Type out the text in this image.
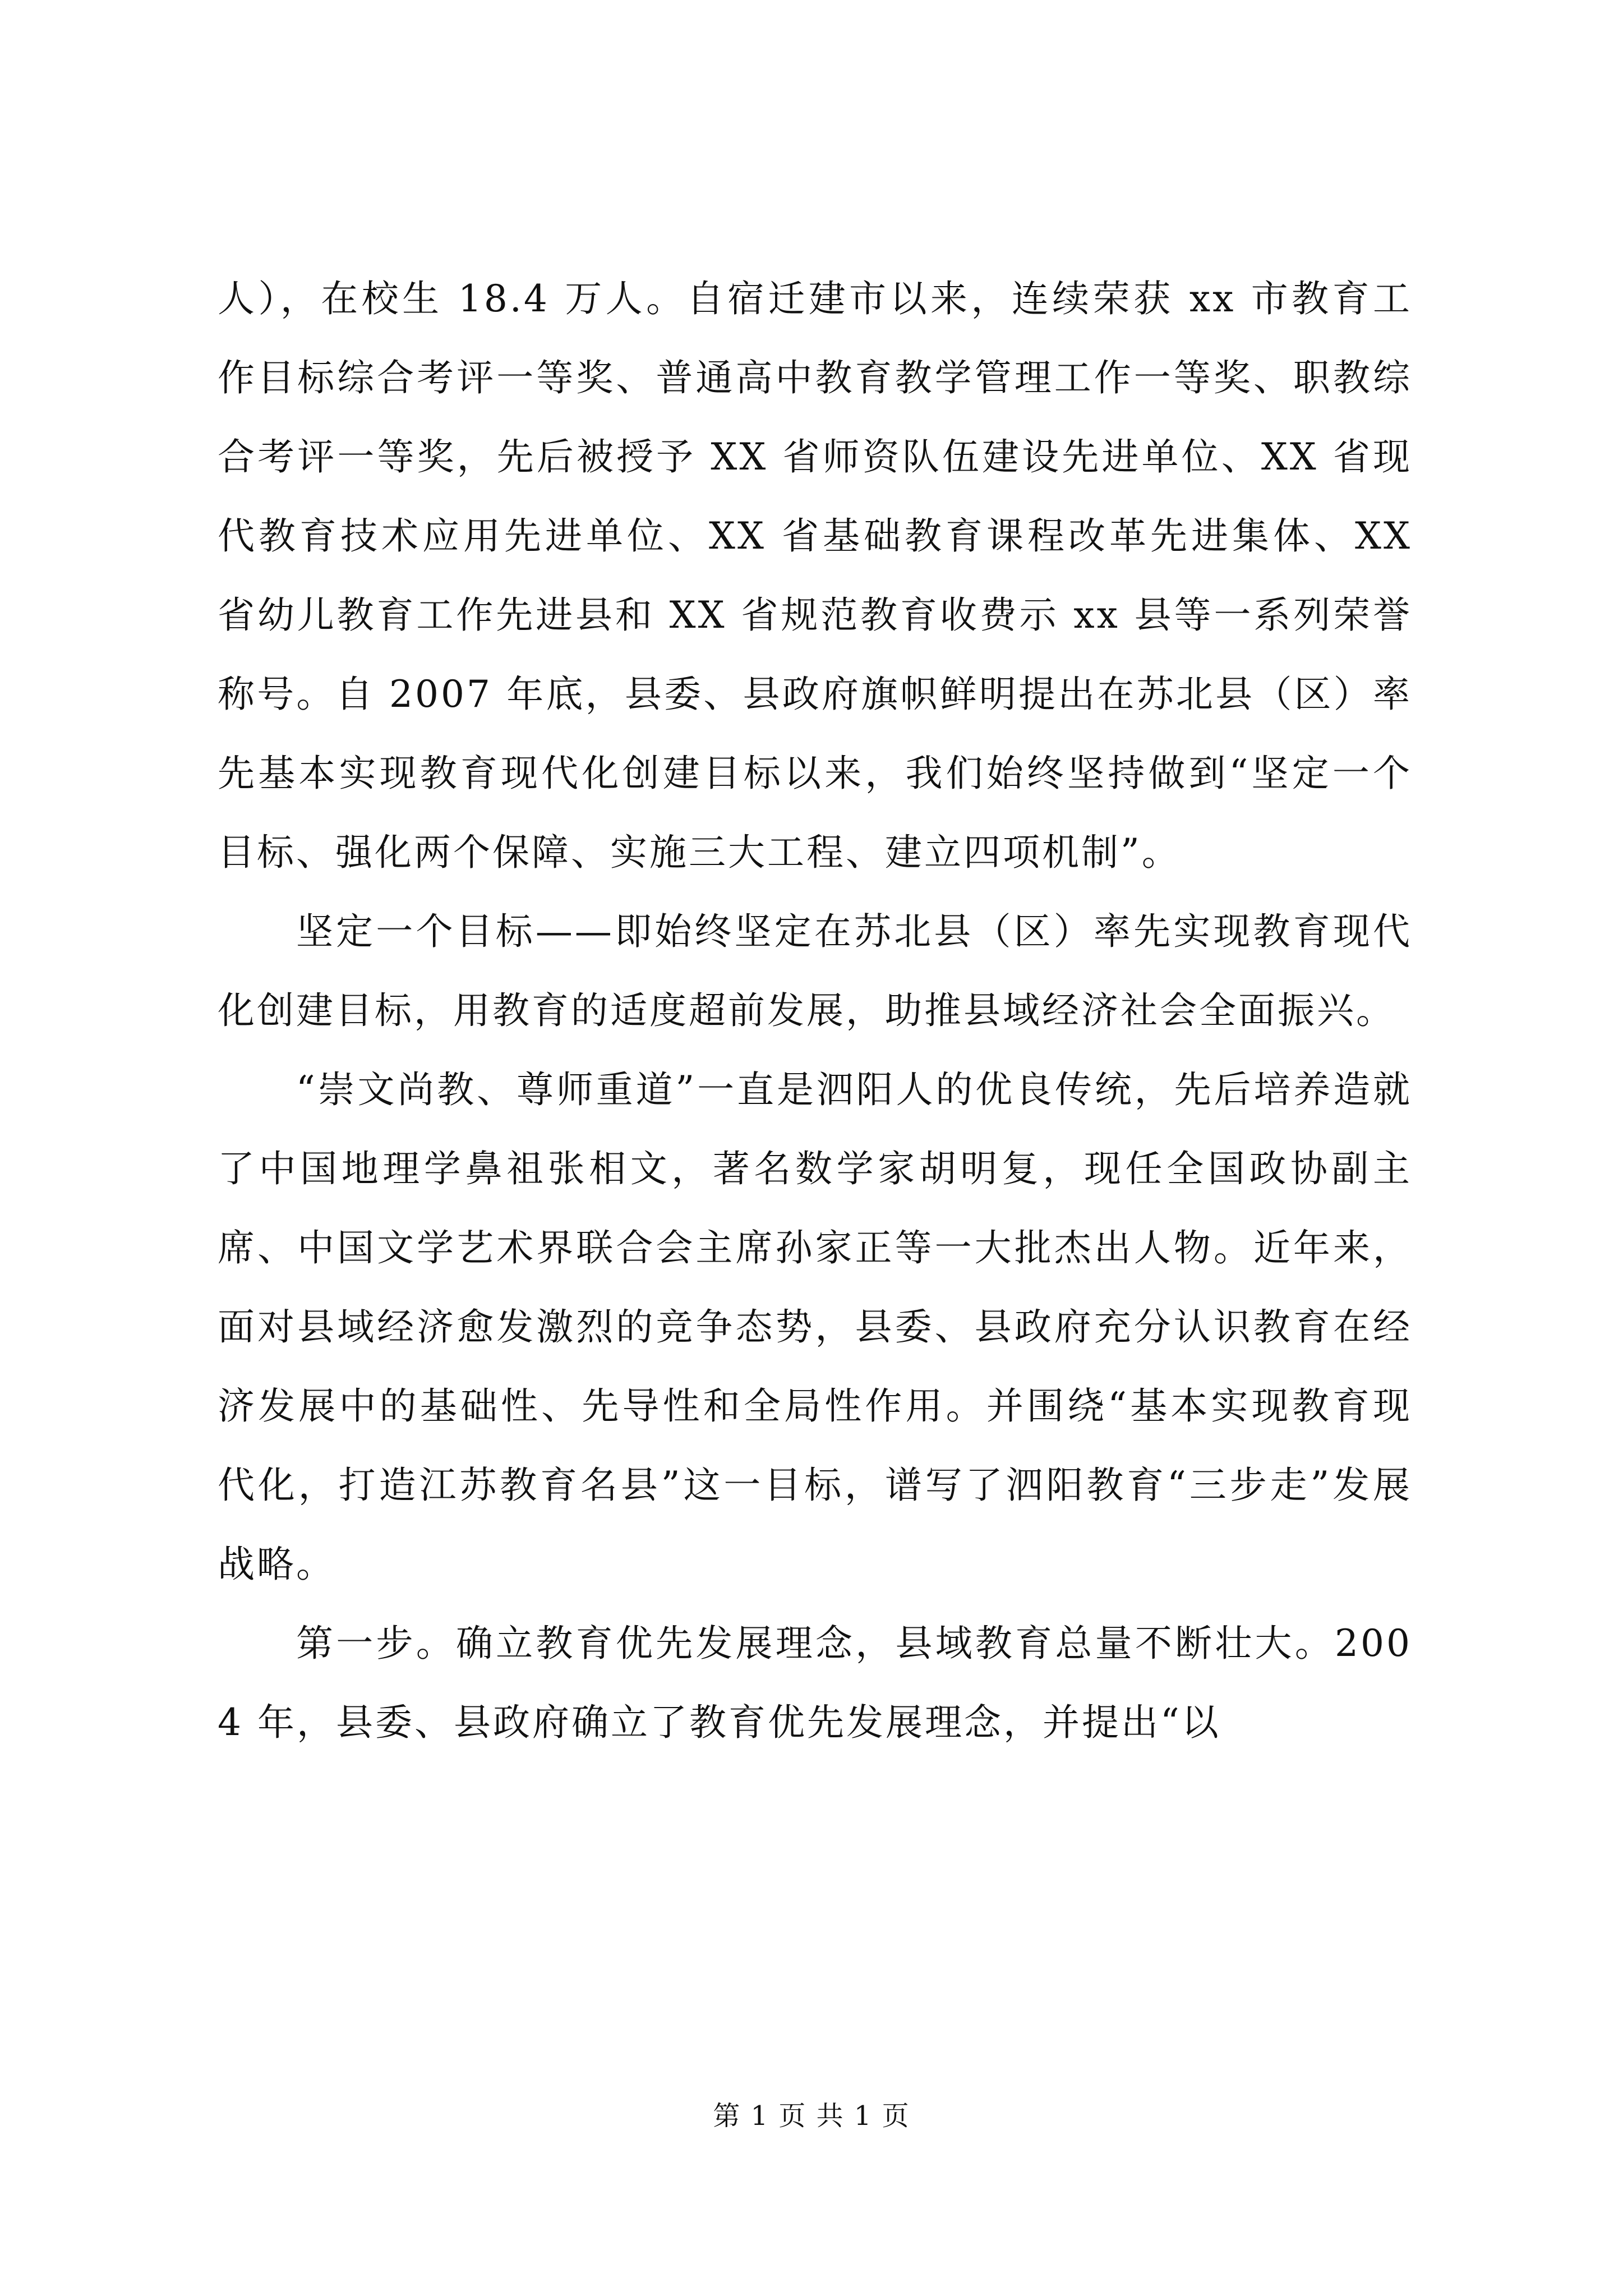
人），在校生 18.4 万人。自宿迁建市以来，连续荣获 xx 市教育工作目标综合考评一等奖、普通高中教育教学管理工作一等奖、职教综合考评一等奖，先后被授予 XX 省师资队伍建设先进单位、XX 省现代教育技术应用先进单位、XX 省基础教育课程改革先进集体、XX 省幼儿教育工作先进县和 XX 省规范教育收费示 xx 县等一系列荣誉称号。自 2007 年底，县委、县政府旗帜鲜明提出在苏北县（区）率先基本实现教育现代化创建目标以来，我们始终坚持做到“坚定一个目标、强化两个保障、实施三大工程、建立四项机制”。

坚定一个目标——即始终坚定在苏北县（区）率先实现教育现代化创建目标，用教育的适度超前发展，助推县域经济社会全面振兴。

“崇文尚教、尊师重道”一直是泗阳人的优良传统，先后培养造就了中国地理学鼻祖张相文，著名数学家胡明复，现任全国政协副主席、中国文学艺术界联合会主席孙家正等一大批杰出人物。近年来，面对县域经济愈发激烈的竞争态势，县委、县政府充分认识教育在经济发展中的基础性、先导性和全局性作用。并围绕“基本实现教育现代化，打造江苏教育名县”这一目标，谱写了泗阳教育“三步走”发展战略。

第一步。确立教育优先发展理念，县域教育总量不断壮大。2004 年，县委、县政府确立了教育优先发展理念，并提出“以

第 1 页 共 1 页
